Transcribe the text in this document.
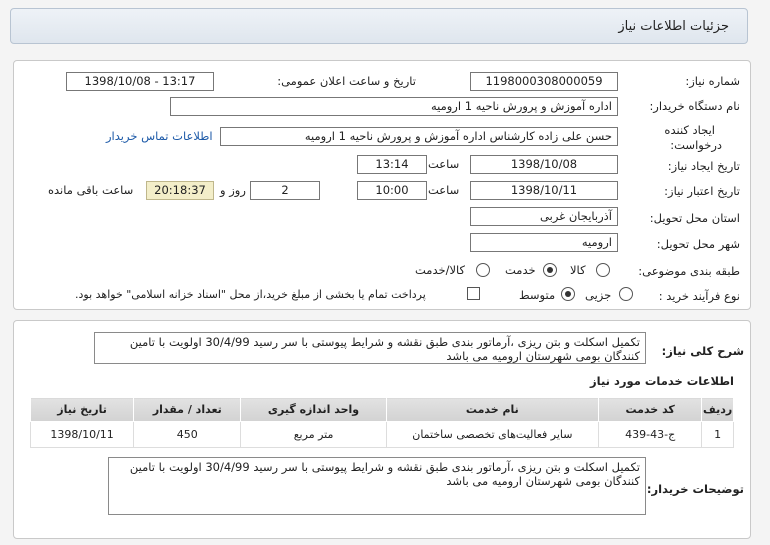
جزئیات اطلاعات نیاز
شماره نیاز:
1198000308000059
تاریخ و ساعت اعلان عمومی:
1398/10/08 - 13:17
نام دستگاه خریدار:
اداره آموزش و پرورش ناحیه 1 ارومیه
ایجاد کننده
درخواست:
حسن علی زاده کارشناس اداره آموزش و پرورش ناحیه 1 ارومیه
اطلاعات تماس خریدار
تاریخ ایجاد نیاز:
1398/10/08
ساعت
13:14
تاریخ اعتبار نیاز:
1398/10/11
ساعت
10:00
2
روز و
20:18:37
ساعت باقی مانده
استان محل تحویل:
آذربایجان غربی
شهر محل تحویل:
ارومیه
طبقه بندی موضوعی:
کالا
خدمت
کالا/خدمت
نوع فرآیند خرید :
جزیی
متوسط
پرداخت تمام یا بخشی از مبلغ خرید،از محل "اسناد خزانه اسلامی" خواهد بود.
شرح کلی نیاز:
تکمیل اسکلت و بتن ریزی ،آرماتور بندی طبق نقشه و شرایط پیوستی با سر رسید 30/4/99 اولویت با تامین کنندگان بومی شهرستان ارومیه می باشد
اطلاعات خدمات مورد نیاز
ردیف	کد خدمت	نام خدمت	واحد اندازه گیری	تعداد / مقدار	تاریخ نیاز
1	ج-43-439	سایر فعالیت‌های تخصصی ساختمان	متر مربع	450	1398/10/11
توضیحات خریدار:
تکمیل اسکلت و بتن ریزی ،آرماتور بندی طبق نقشه و شرایط پیوستی با سر رسید 30/4/99 اولویت با تامین کنندگان بومی شهرستان ارومیه می باشد
